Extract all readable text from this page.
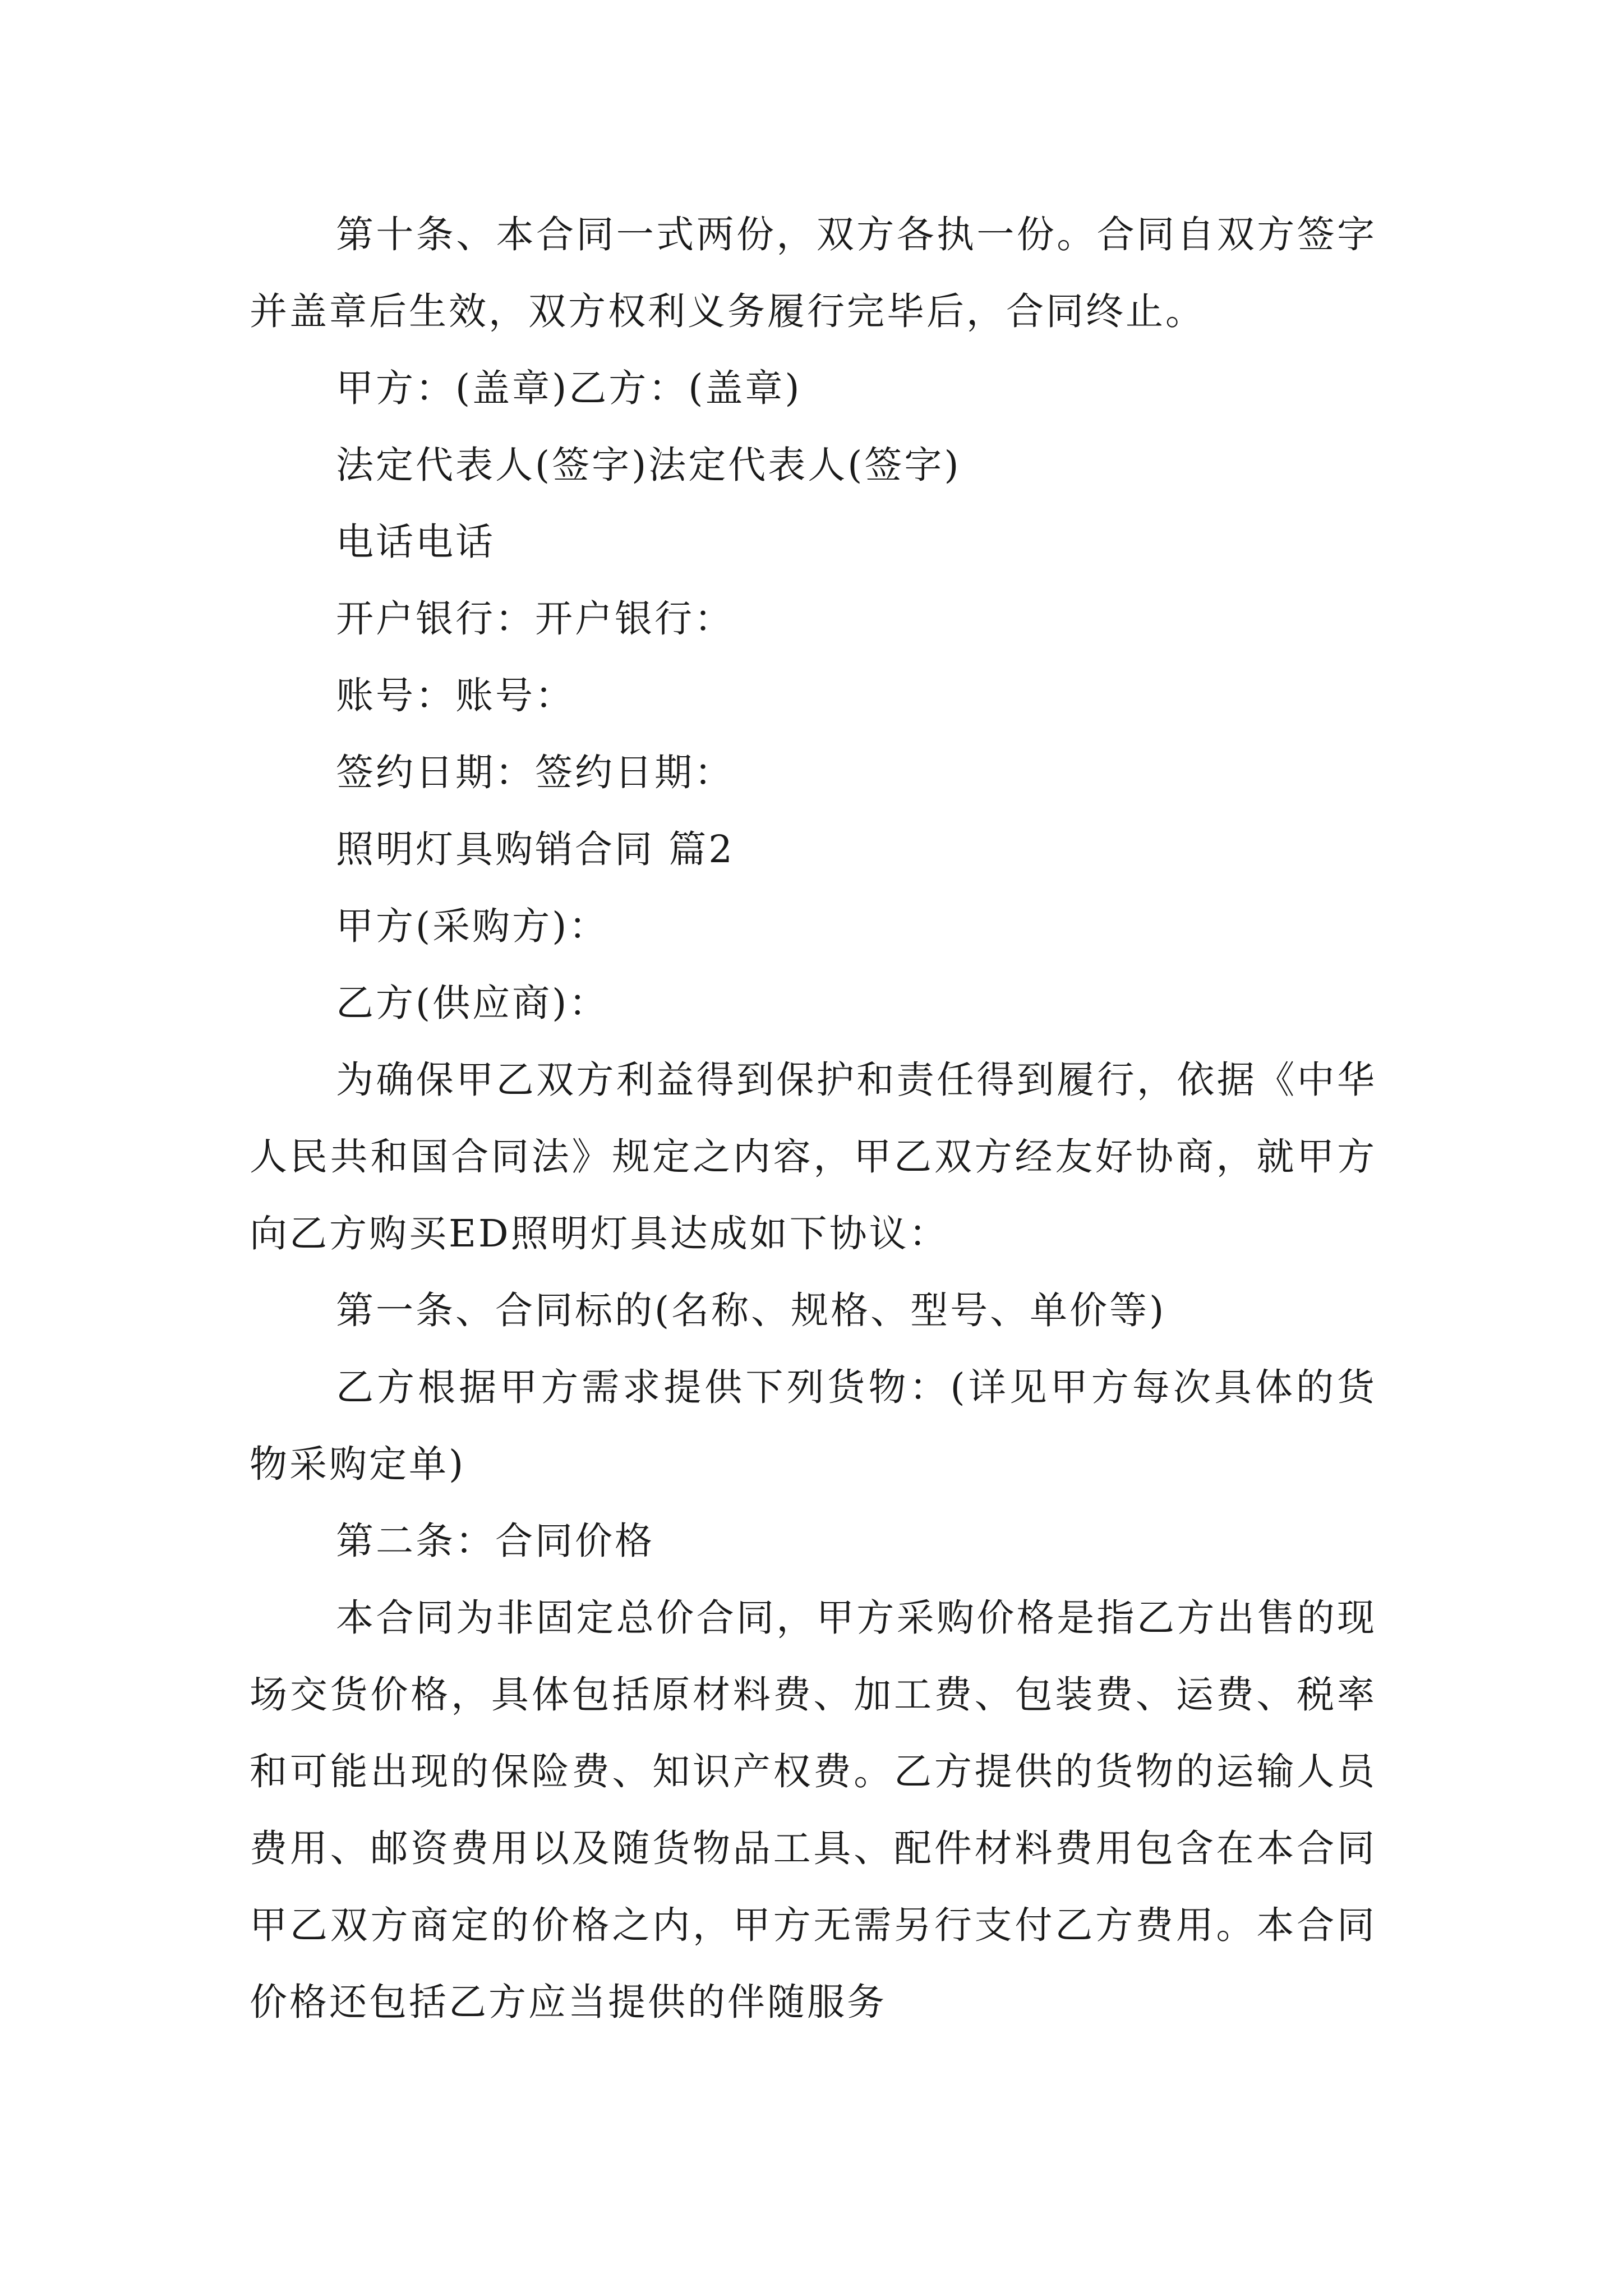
第十条、本合同一式两份，双方各执一份。合同自双方签字并盖章后生效，双方权利义务履行完毕后，合同终止。

甲方：(盖章)乙方：(盖章)

法定代表人(签字)法定代表人(签字)

电话电话

开户银行：开户银行：

账号：账号：

签约日期：签约日期：

照明灯具购销合同 篇2

甲方(采购方)：

乙方(供应商)：

为确保甲乙双方利益得到保护和责任得到履行，依据《中华人民共和国合同法》规定之内容，甲乙双方经友好协商，就甲方向乙方购买ED照明灯具达成如下协议：

第一条、合同标的(名称、规格、型号、单价等)

乙方根据甲方需求提供下列货物：(详见甲方每次具体的货物采购定单)

第二条：合同价格

本合同为非固定总价合同，甲方采购价格是指乙方出售的现场交货价格，具体包括原材料费、加工费、包装费、运费、税率和可能出现的保险费、知识产权费。乙方提供的货物的运输人员费用、邮资费用以及随货物品工具、配件材料费用包含在本合同甲乙双方商定的价格之内，甲方无需另行支付乙方费用。本合同价格还包括乙方应当提供的伴随服务
